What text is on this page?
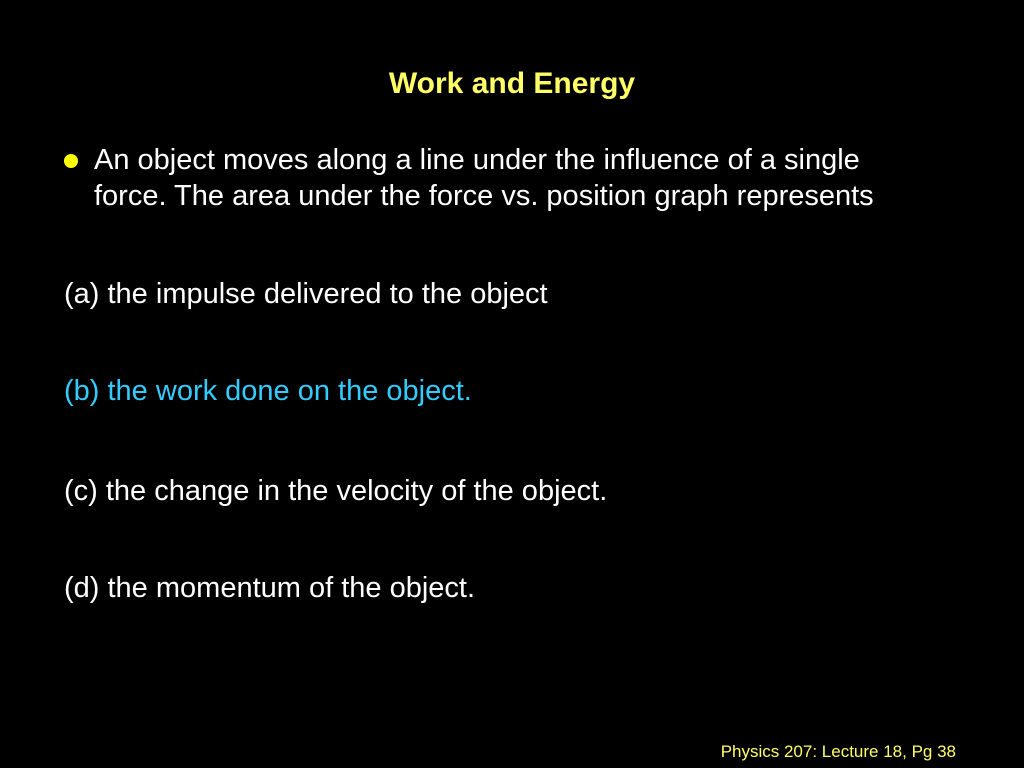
Work and Energy
An object moves along a line under the influence of a single
force. The area under the force vs. position graph represents
(a) the impulse delivered to the object
(b) the work done on the object.
(c) the change in the velocity of the object.
(d) the momentum of the object.
Physics 207: Lecture 18, Pg 38
